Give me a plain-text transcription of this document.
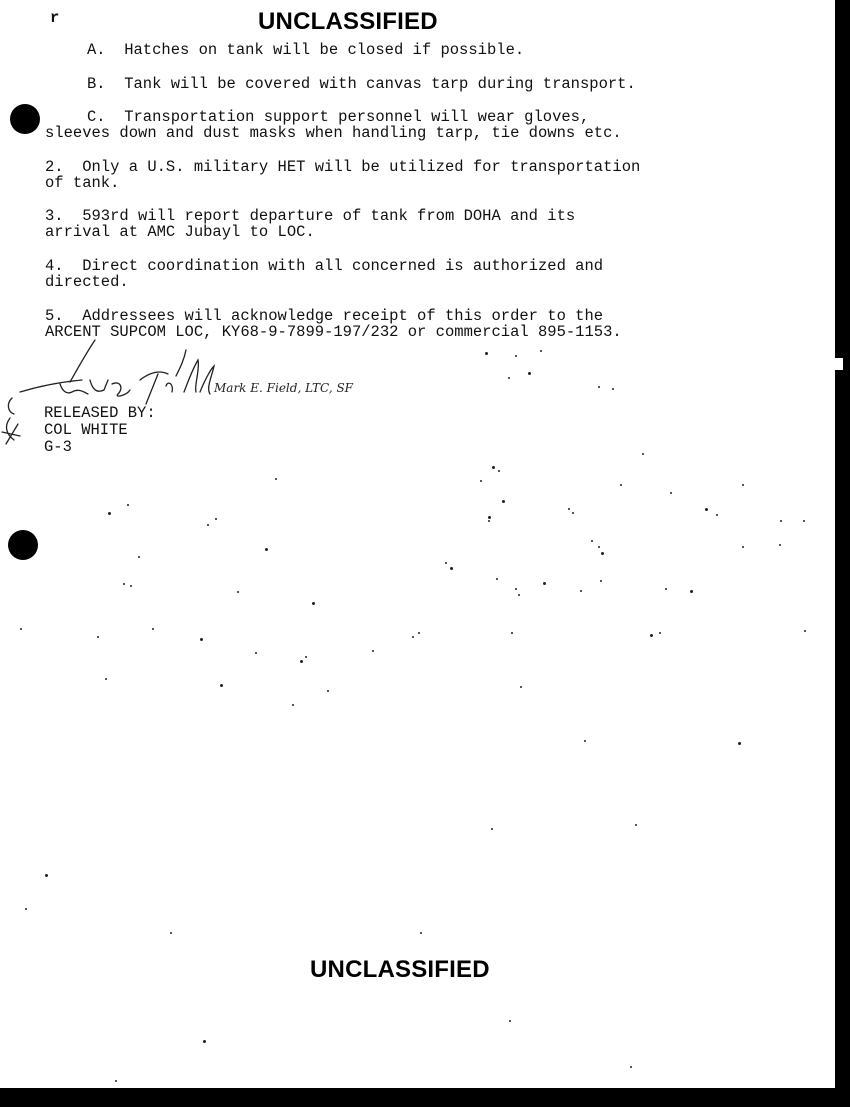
r	UNCLASSIFIED
A.  Hatches on tank will be closed if possible.
B.  Tank will be covered with canvas tarp during transport.
C.  Transportation support personnel will wear gloves,
sleeves down and dust masks when handling tarp, tie downs etc.
2.  Only a U.S. military HET will be utilized for transportation
of tank.
3.  593rd will report departure of tank from DOHA and its
arrival at AMC Jubayl to LOC.
4.  Direct coordination with all concerned is authorized and
directed.
5.  Addressees will acknowledge receipt of this order to the
ARCENT SUPCOM LOC, KY68-9-7899-197/232 or commercial 895-1153.
Mark E. Field, LTC, SF
RELEASED BY:
COL WHITE
G-3
UNCLASSIFIED
